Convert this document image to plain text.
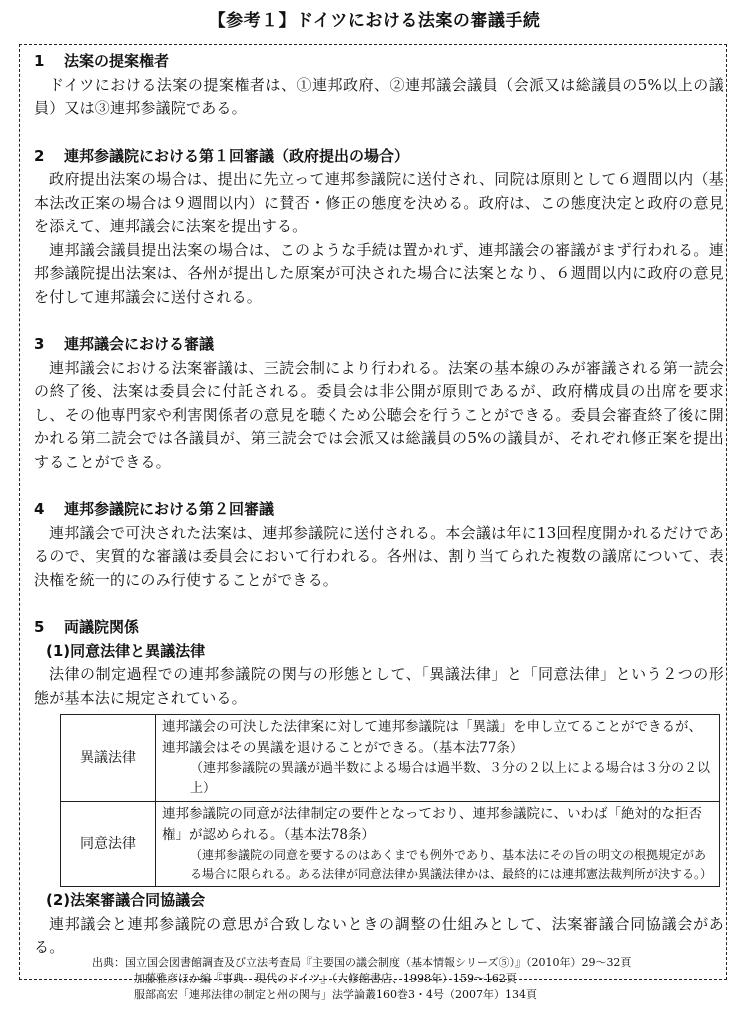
【参考１】ドイツにおける法案の審議手続

1 法案の提案権者

ドイツにおける法案の提案権者は、①連邦政府、②連邦議会議員（会派又は総議員の5%以上の議員）又は③連邦参議院である。

2 連邦参議院における第１回審議（政府提出の場合）

政府提出法案の場合は、提出に先立って連邦参議院に送付され、同院は原則として６週間以内（基本法改正案の場合は９週間以内）に賛否・修正の態度を決める。政府は、この態度決定と政府の意見を添えて、連邦議会に法案を提出する。

連邦議会議員提出法案の場合は、このような手続は置かれず、連邦議会の審議がまず行われる。連邦参議院提出法案は、各州が提出した原案が可決された場合に法案となり、６週間以内に政府の意見を付して連邦議会に送付される。

3 連邦議会における審議

連邦議会における法案審議は、三読会制により行われる。法案の基本線のみが審議される第一読会の終了後、法案は委員会に付託される。委員会は非公開が原則であるが、政府構成員の出席を要求し、その他専門家や利害関係者の意見を聴くため公聴会を行うことができる。委員会審査終了後に開かれる第二読会では各議員が、第三読会では会派又は総議員の5%の議員が、それぞれ修正案を提出することができる。

4 連邦参議院における第２回審議

連邦議会で可決された法案は、連邦参議院に送付される。本会議は年に13回程度開かれるだけであるので、実質的な審議は委員会において行われる。各州は、割り当てられた複数の議席について、表決権を統一的にのみ行使することができる。

5 両議院関係

(1)同意法律と異議法律

法律の制定過程での連邦参議院の関与の形態として、「異議法律」と「同意法律」という２つの形態が基本法に規定されている。

異議法律	連邦議会の可決した法律案に対して連邦参議院は「異議」を申し立てることができるが、連邦議会はその異議を退けることができる。（基本法77条）
（連邦参議院の異議が過半数による場合は過半数、３分の２以上による場合は３分の２以上）

同意法律	連邦参議院の同意が法律制定の要件となっており、連邦参議院に、いわば「絶対的な拒否権」が認められる。（基本法78条）
（連邦参議院の同意を要するのはあくまでも例外であり、基本法にその旨の明文の根拠規定がある場合に限られる。ある法律が同意法律か異議法律かは、最終的には連邦憲法裁判所が決する。）

(2)法案審議合同協議会

連邦議会と連邦参議院の意思が合致しないときの調整の仕組みとして、法案審議合同協議会がある。

出典：国立国会図書館調査及び立法考査局『主要国の議会制度（基本情報シリーズ⑤）』（2010年）29～32頁
加藤雅彦ほか編『事典　現代のドイツ』（大修館書店、1998年）159～162頁
服部高宏「連邦法律の制定と州の関与」法学論叢160巻3・4号（2007年）134頁
